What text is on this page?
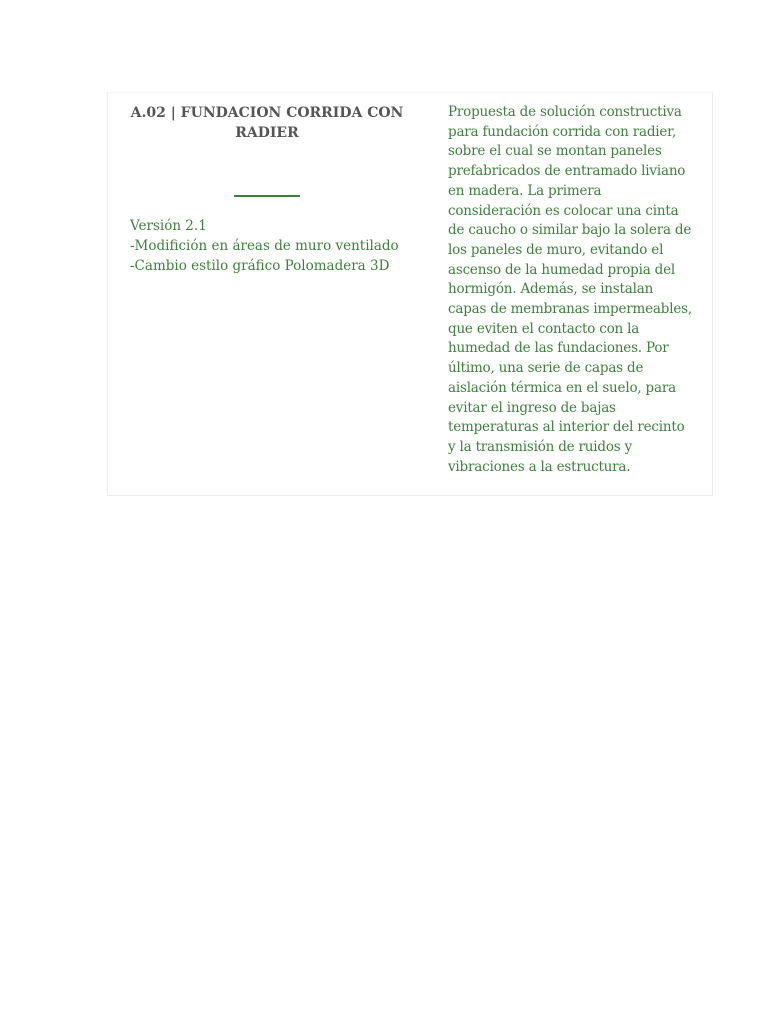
A.02 | FUNDACION CORRIDA CON RADIER
Versión 2.1
-Modifición en áreas de muro ventilado
-Cambio estilo gráfico Polomadera 3D
Propuesta de solución constructiva para fundación corrida con radier, sobre el cual se montan paneles prefabricados de entramado liviano en madera. La primera consideración es colocar una cinta de caucho o similar bajo la solera de los paneles de muro, evitando el ascenso de la humedad propia del hormigón. Además, se instalan capas de membranas impermeables, que eviten el contacto con la humedad de las fundaciones. Por último, una serie de capas de aislación térmica en el suelo, para evitar el ingreso de bajas temperaturas al interior del recinto y la transmisión de ruidos y vibraciones a la estructura.
